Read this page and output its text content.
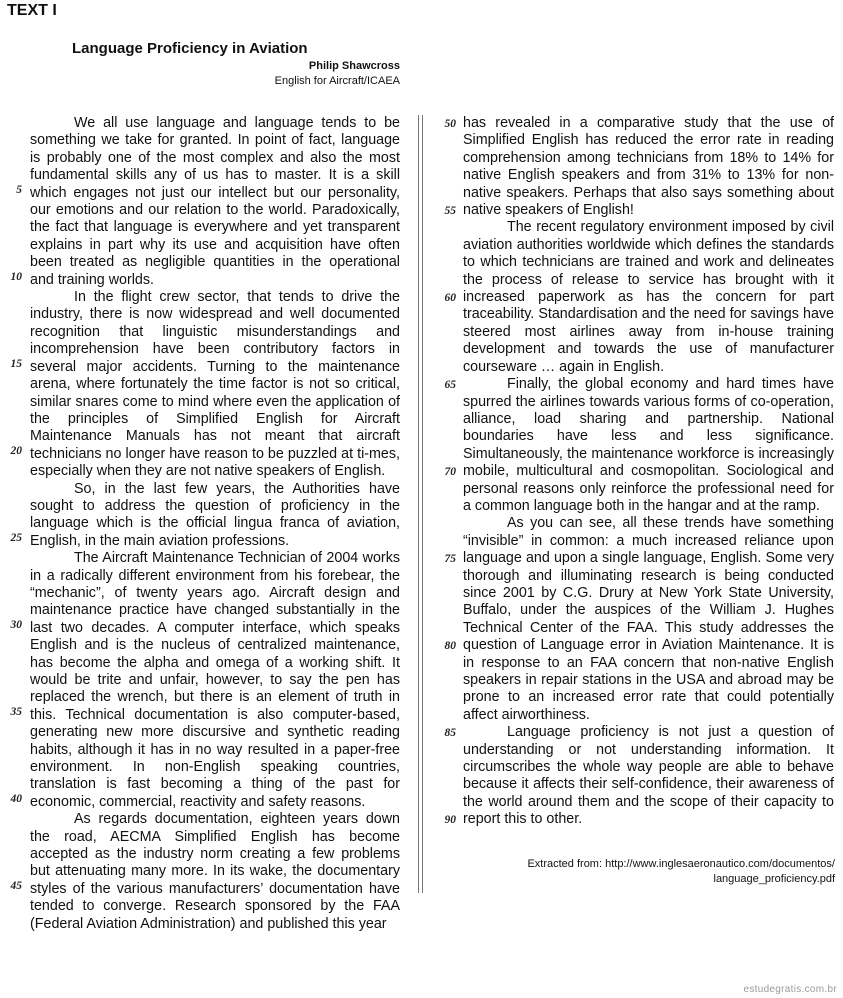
TEXT I
Language Proficiency in Aviation
Philip Shawcross
English for Aircraft/ICAEA

We all use language and language tends to be something we take for granted. In point of fact, language is probably one of the most complex and also the most fundamental skills any of us has to master. It is a skill which engages not just our intellect but our personality, our emotions and our relation to the world. Paradoxically, the fact that language is everywhere and yet transparent explains in part why its use and acquisition have often been treated as negligible quantities in the operational and training worlds.

In the flight crew sector, that tends to drive the industry, there is now widespread and well documented recognition that linguistic misunderstandings and incomprehension have been contributory factors in several major accidents. Turning to the maintenance arena, where fortunately the time factor is not so critical, similar snares come to mind where even the application of the principles of Simplified English for Aircraft Maintenance Manuals has not meant that aircraft technicians no longer have reason to be puzzled at ti-mes, especially when they are not native speakers of English.

So, in the last few years, the Authorities have sought to address the question of proficiency in the language which is the official lingua franca of aviation, English, in the main aviation professions.

The Aircraft Maintenance Technician of 2004 works in a radically different environment from his forebear, the “mechanic”, of twenty years ago. Aircraft design and maintenance practice have changed substantially in the last two decades. A computer interface, which speaks English and is the nucleus of centralized maintenance, has become the alpha and omega of a working shift. It would be trite and unfair, however, to say the pen has replaced the wrench, but there is an element of truth in this. Technical documentation is also computer-based, generating new more discursive and synthetic reading habits, although it has in no way resulted in a paper-free environment. In non-English speaking countries, translation is fast becoming a thing of the past for economic, commercial, reactivity and safety reasons.

As regards documentation, eighteen years down the road, AECMA Simplified English has become accepted as the industry norm creating a few problems but attenuating many more. In its wake, the documentary styles of the various manufacturers’ documentation have tended to converge. Research sponsored by the FAA (Federal Aviation Administration) and published this year

has revealed in a comparative study that the use of Simplified English has reduced the error rate in reading comprehension among technicians from 18% to 14% for native English speakers and from 31% to 13% for non-native speakers. Perhaps that also says something about native speakers of English!

The recent regulatory environment imposed by civil aviation authorities worldwide which defines the standards to which technicians are trained and work and delineates the process of release to service has brought with it increased paperwork as has the concern for part traceability. Standardisation and the need for savings have steered most airlines away from in-house training development and towards the use of manufacturer courseware … again in English.

Finally, the global economy and hard times have spurred the airlines towards various forms of co-operation, alliance, load sharing and partnership. National boundaries have less and less significance. Simultaneously, the maintenance workforce is increasingly mobile, multicultural and cosmopolitan. Sociological and personal reasons only reinforce the professional need for a common language both in the hangar and at the ramp.

As you can see, all these trends have something “invisible” in common: a much increased reliance upon language and upon a single language, English. Some very thorough and illuminating research is being conducted since 2001 by C.G. Drury at New York State University, Buffalo, under the auspices of the William J. Hughes Technical Center of the FAA. This study addresses the question of Language error in Aviation Maintenance. It is in response to an FAA concern that non-native English speakers in repair stations in the USA and abroad may be prone to an increased error rate that could potentially affect airworthiness.

Language proficiency is not just a question of understanding or not understanding information. It circumscribes the whole way people are able to behave because it affects their self-confidence, their awareness of the world around them and the scope of their capacity to report this to other.

5
10
15
20
25
30
35
40
45
50
55
60
65
70
75
80
85
90
Extracted from: http://www.inglesaeronautico.com/documentos/
language_proficiency.pdf
estudegratis.com.br
